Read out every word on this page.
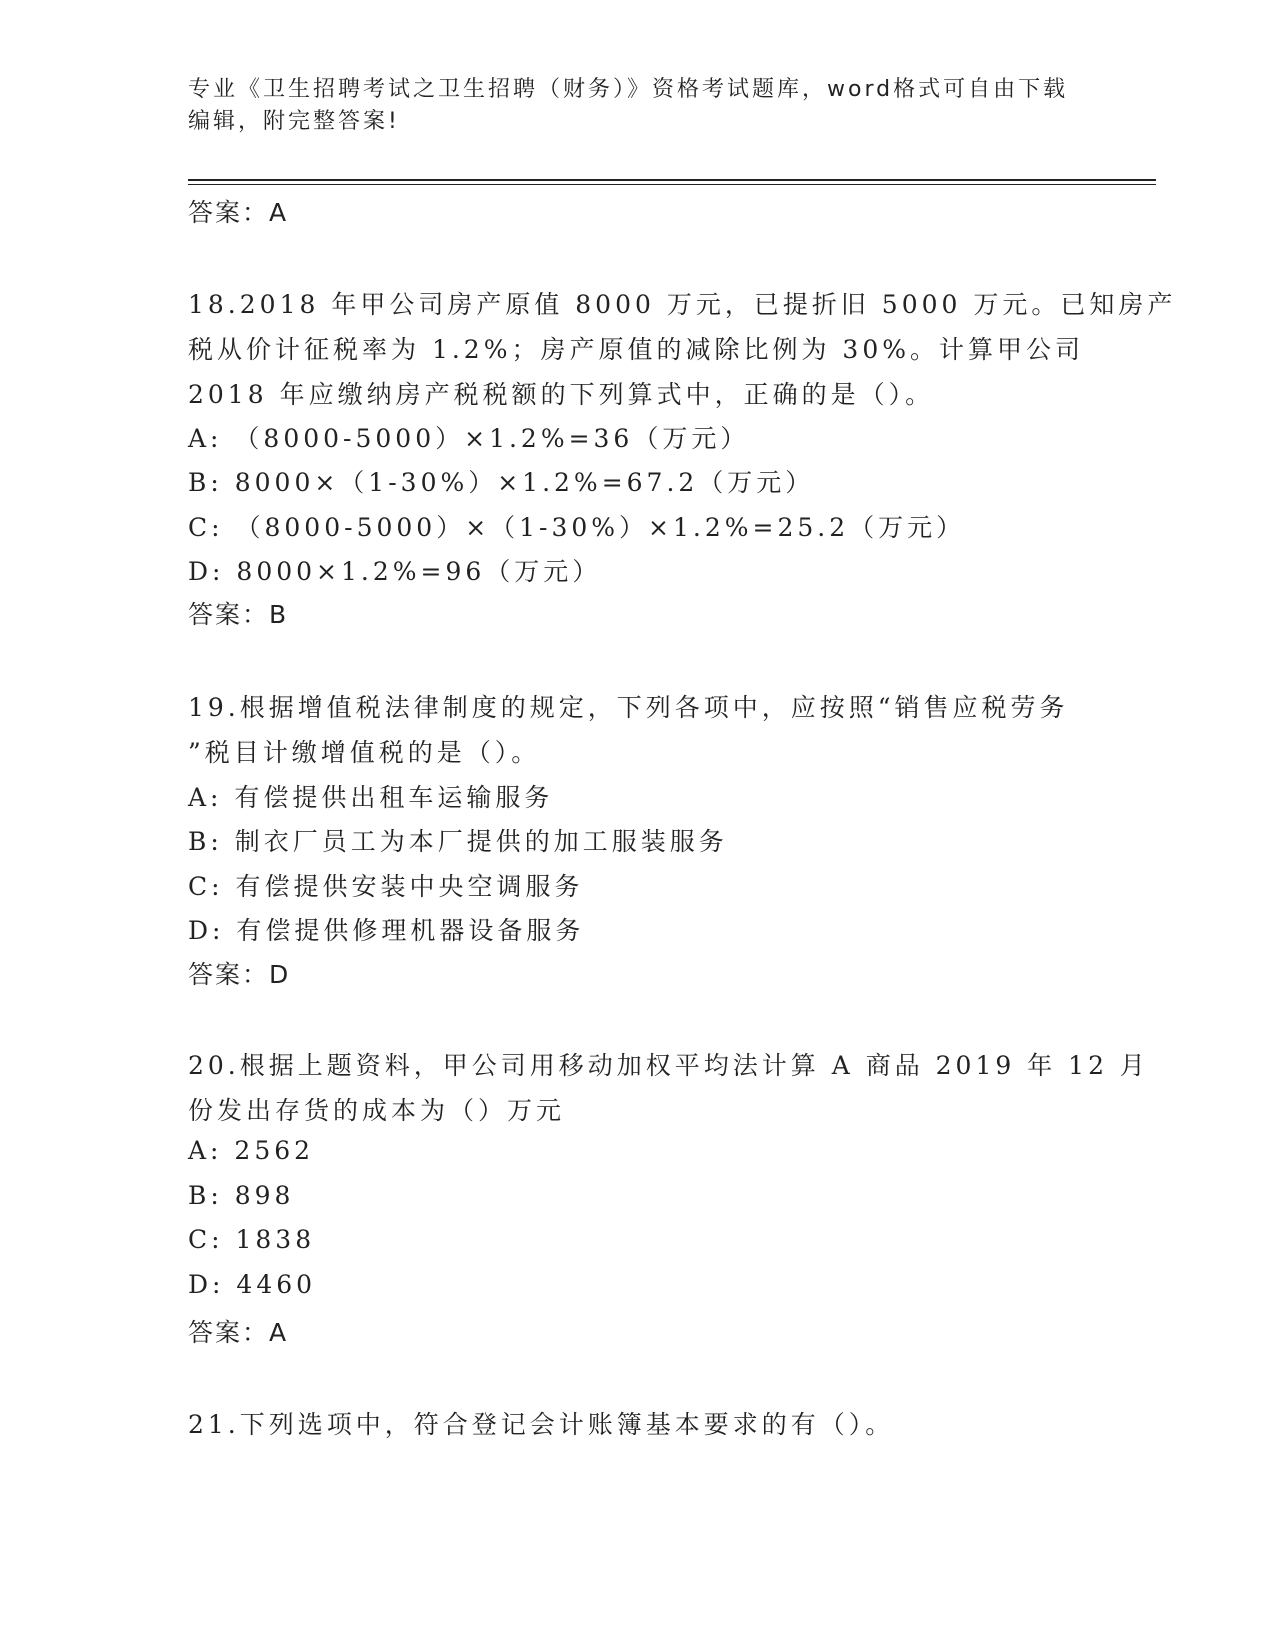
专业《卫生招聘考试之卫生招聘（财务）》资格考试题库，word格式可自由下载
编辑，附完整答案!
答案：A
18.2018 年甲公司房产原值 8000 万元，已提折旧 5000 万元。已知房产
税从价计征税率为 1.2%；房产原值的减除比例为 30%。计算甲公司
2018 年应缴纳房产税税额的下列算式中，正确的是（）。
A: （8000-5000）×1.2%=36（万元）
B: 8000×（1-30%）×1.2%=67.2（万元）
C: （8000-5000）×（1-30%）×1.2%=25.2（万元）
D: 8000×1.2%=96（万元）
答案：B
19.根据增值税法律制度的规定，下列各项中，应按照“销售应税劳务
”税目计缴增值税的是（）。
A: 有偿提供出租车运输服务
B: 制衣厂员工为本厂提供的加工服装服务
C: 有偿提供安装中央空调服务
D: 有偿提供修理机器设备服务
答案：D
20.根据上题资料，甲公司用移动加权平均法计算 A 商品 2019 年 12 月
份发出存货的成本为（）万元
A: 2562
B: 898
C: 1838
D: 4460
答案：A
21.下列选项中，符合登记会计账簿基本要求的有（）。
